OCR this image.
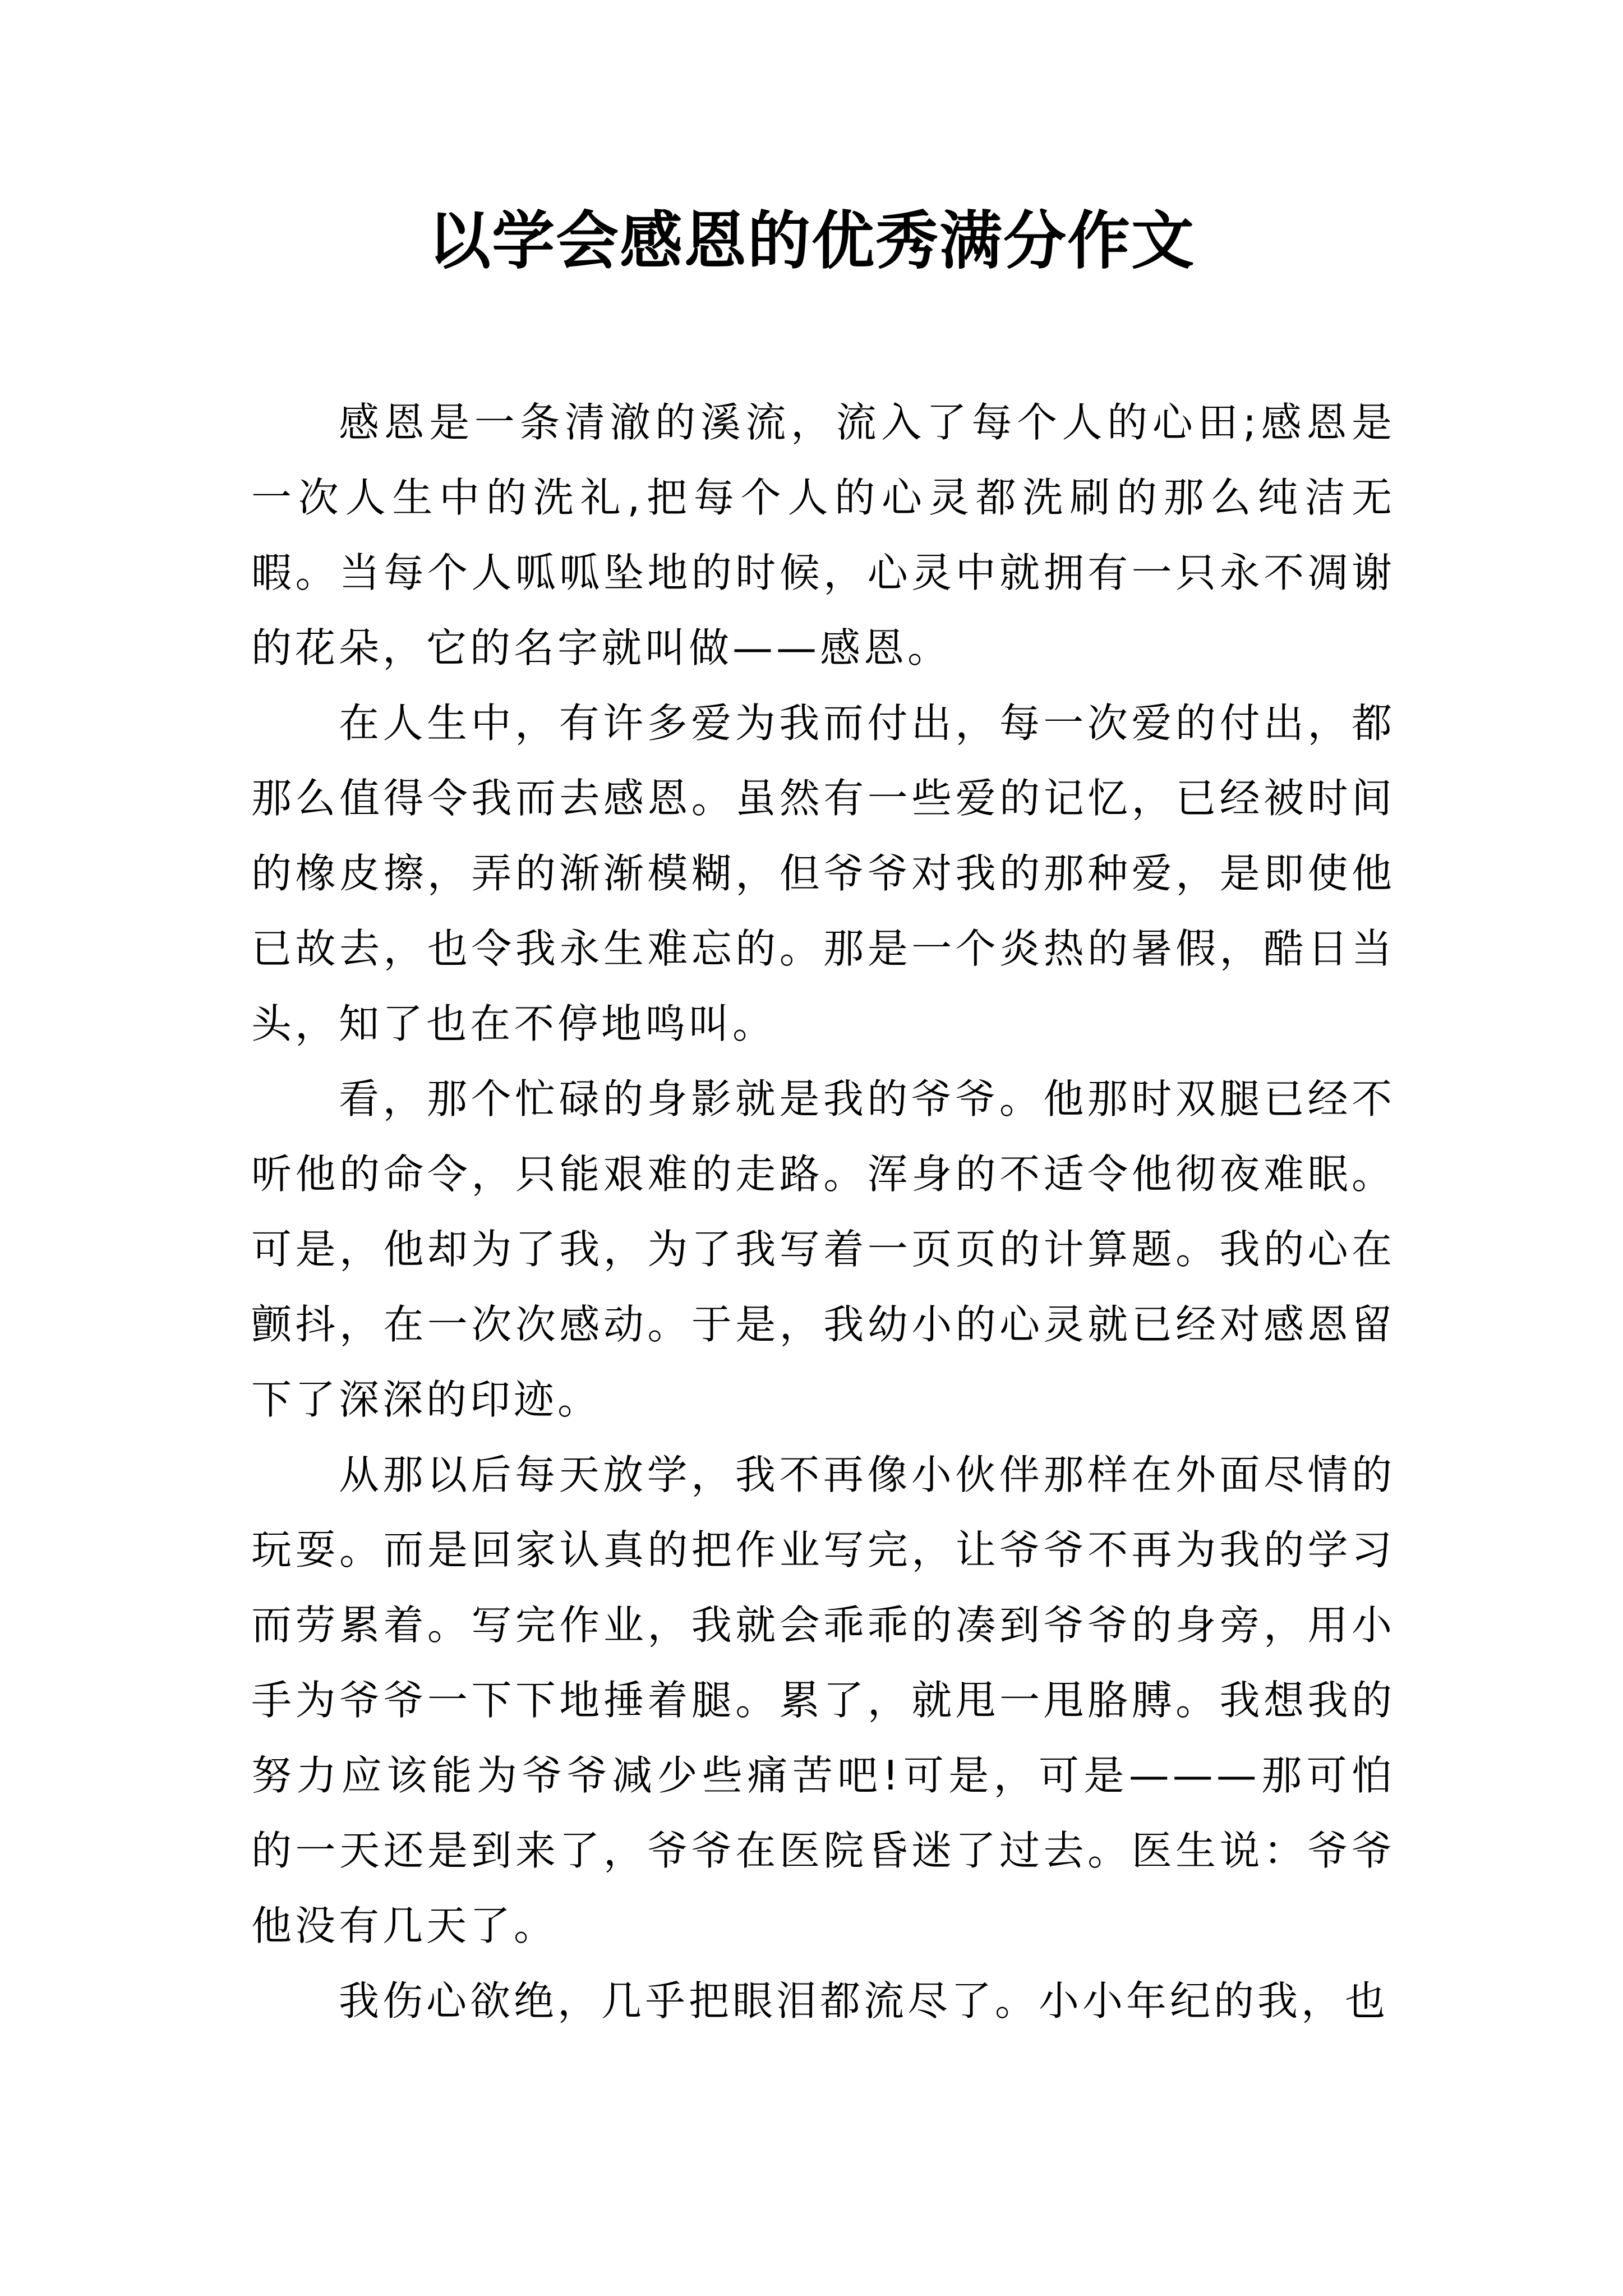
以学会感恩的优秀满分作文

感恩是一条清澈的溪流，流入了每个人的心田;感恩是一次人生中的洗礼,把每个人的心灵都洗刷的那么纯洁无暇。当每个人呱呱坠地的时候，心灵中就拥有一只永不凋谢的花朵，它的名字就叫做——感恩。

在人生中，有许多爱为我而付出，每一次爱的付出，都那么值得令我而去感恩。虽然有一些爱的记忆，已经被时间的橡皮擦，弄的渐渐模糊，但爷爷对我的那种爱，是即使他已故去，也令我永生难忘的。那是一个炎热的暑假，酷日当头，知了也在不停地鸣叫。

看，那个忙碌的身影就是我的爷爷。他那时双腿已经不听他的命令，只能艰难的走路。浑身的不适令他彻夜难眠。可是，他却为了我，为了我写着一页页的计算题。我的心在颤抖，在一次次感动。于是，我幼小的心灵就已经对感恩留下了深深的印迹。

从那以后每天放学，我不再像小伙伴那样在外面尽情的玩耍。而是回家认真的把作业写完，让爷爷不再为我的学习而劳累着。写完作业，我就会乖乖的凑到爷爷的身旁，用小手为爷爷一下下地捶着腿。累了，就甩一甩胳膊。我想我的努力应该能为爷爷减少些痛苦吧!可是，可是———那可怕的一天还是到来了，爷爷在医院昏迷了过去。医生说：爷爷他没有几天了。

我伤心欲绝，几乎把眼泪都流尽了。小小年纪的我，也
